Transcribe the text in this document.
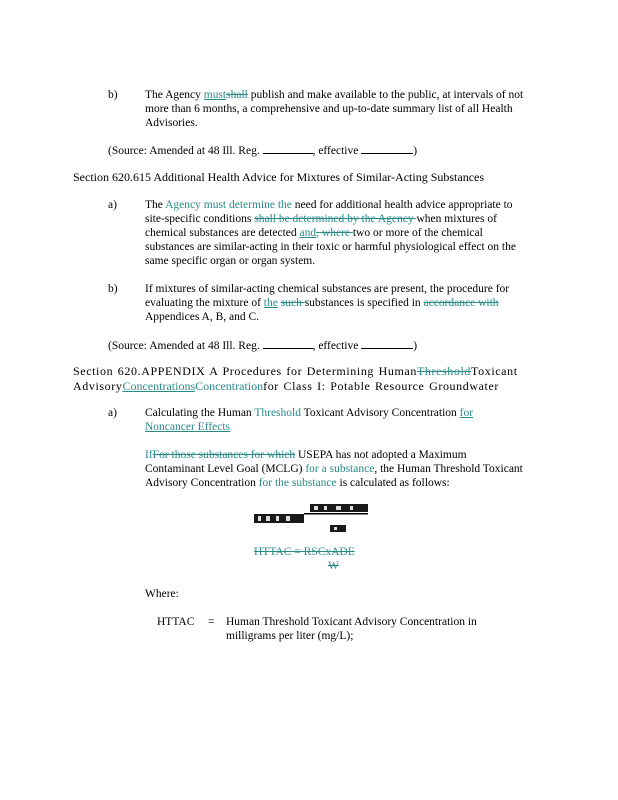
b) The Agency mustshall publish and make available to the public, at intervals of not
more than 6 months, a comprehensive and up-to-date summary list of all Health
Advisories.
(Source: Amended at 48 Ill. Reg.	, effective	)
Section 620.615 Additional Health Advice for Mixtures of Similar-Acting Substances
a) The Agency must determine the need for additional health advice appropriate to
site-specific conditions shall be determined by the Agency when mixtures of
chemical substances are detected and, where two or more of the chemical
substances are similar-acting in their toxic or harmful physiological effect on the
same specific organ or organ system.
b) If mixtures of similar-acting chemical substances are present, the procedure for
evaluating the mixture of the such substances is specified in accordance with
Appendices A, B, and C.
(Source: Amended at 48 Ill. Reg.	, effective	)
Section 620.APPENDIX A Procedures for Determining HumanThresholdToxicant
AdvisoryConcentrationsConcentrationfor Class I: Potable Resource Groundwater
a) Calculating the Human Threshold Toxicant Advisory Concentration for
Noncancer Effects
IfFor those substances for which USEPA has not adopted a Maximum
Contaminant Level Goal (MCLG) for a substance, the Human Threshold Toxicant
Advisory Concentration for the substance is calculated as follows:
HTTAC = RSCxADE
W
Where:
HTTAC = Human Threshold Toxicant Advisory Concentration in
milligrams per liter (mg/L);
